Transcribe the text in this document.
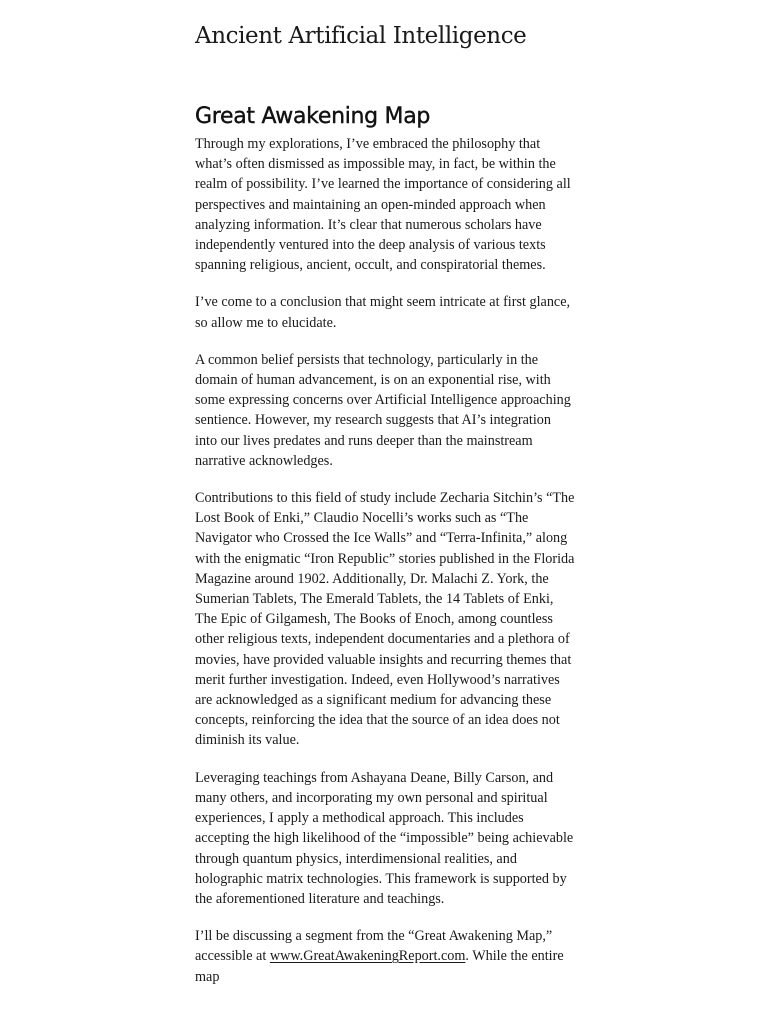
Ancient Artificial Intelligence
Great Awakening Map

Through my explorations, I’ve embraced the philosophy that what’s often dismissed as impossible may, in fact, be within the realm of possibility. I’ve learned the importance of considering all perspectives and maintaining an open-minded approach when analyzing information. It’s clear that numerous scholars have independently ventured into the deep analysis of various texts spanning religious, ancient, occult, and conspiratorial themes.

I’ve come to a conclusion that might seem intricate at first glance, so allow me to elucidate.

A common belief persists that technology, particularly in the domain of human advancement, is on an exponential rise, with some expressing concerns over Artificial Intelligence approaching sentience. However, my research suggests that AI’s integration into our lives predates and runs deeper than the mainstream narrative acknowledges.

Contributions to this field of study include Zecharia Sitchin’s “The Lost Book of Enki,” Claudio Nocelli’s works such as “The Navigator who Crossed the Ice Walls” and “Terra-Infinita,” along with the enigmatic “Iron Republic” stories published in the Florida Magazine around 1902. Additionally, Dr. Malachi Z. York, the Sumerian Tablets, The Emerald Tablets, the 14 Tablets of Enki, The Epic of Gilgamesh, The Books of Enoch, among countless other religious texts, independent documentaries and a plethora of movies, have provided valuable insights and recurring themes that merit further investigation. Indeed, even Hollywood’s narratives are acknowledged as a significant medium for advancing these concepts, reinforcing the idea that the source of an idea does not diminish its value.

Leveraging teachings from Ashayana Deane, Billy Carson, and many others, and incorporating my own personal and spiritual experiences, I apply a methodical approach. This includes accepting the high likelihood of the “impossible” being achievable through quantum physics, interdimensional realities, and holographic matrix technologies. This framework is supported by the aforementioned literature and teachings.

I’ll be discussing a segment from the “Great Awakening Map,” accessible at www.GreatAwakeningReport.com. While the entire map
